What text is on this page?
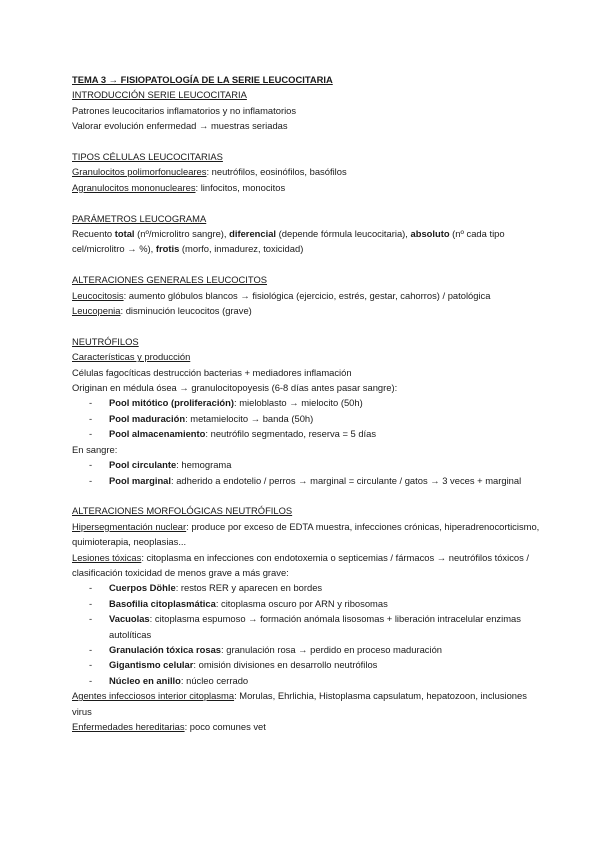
TEMA 3 → FISIOPATOLOGÍA DE LA SERIE LEUCOCITARIA
INTRODUCCIÓN SERIE LEUCOCITARIA
Patrones leucocitarios inflamatorios y no inflamatorios
Valorar evolución enfermedad → muestras seriadas
TIPOS CÉLULAS LEUCOCITARIAS
Granulocitos polimorfonucleares: neutrófilos, eosinófilos, basófilos
Agranulocitos mononucleares: linfocitos, monocitos
PARÁMETROS LEUCOGRAMA
Recuento total (nº/microlitro sangre), diferencial (depende fórmula leucocitaria), absoluto (nº cada tipo cel/microlitro → %), frotis (morfo, inmadurez, toxicidad)
ALTERACIONES GENERALES LEUCOCITOS
Leucocitosis: aumento glóbulos blancos → fisiológica (ejercicio, estrés, gestar, cahorros) / patológica
Leucopenia: disminución leucocitos (grave)
NEUTRÓFILOS
Características y producción
Células fagocíticas destrucción bacterias + mediadores inflamación
Originan en médula ósea → granulocitopoyesis (6-8 días antes pasar sangre):
- Pool mitótico (proliferación): mieloblasto → mielocito (50h)
- Pool maduración: metamielocito → banda (50h)
- Pool almacenamiento: neutrófilo segmentado, reserva = 5 días
En sangre:
- Pool circulante: hemograma
- Pool marginal: adherido a endotelio / perros → marginal = circulante / gatos → 3 veces + marginal
ALTERACIONES MORFOLÓGICAS NEUTRÓFILOS
Hipersegmentación nuclear: produce por exceso de EDTA muestra, infecciones crónicas, hiperadrenocorticismo, quimioterapia, neoplasias...
Lesiones tóxicas: citoplasma en infecciones con endotoxemia o septicemias / fármacos → neutrófilos tóxicos / clasificación toxicidad de menos grave a más grave:
- Cuerpos Döhle: restos RER y aparecen en bordes
- Basofilia citoplasmática: citoplasma oscuro por ARN y ribosomas
- Vacuolas: citoplasma espumoso → formación anómala lisosomas + liberación intracelular enzimas autolíticas
- Granulación tóxica rosas: granulación rosa → perdido en proceso maduración
- Gigantismo celular: omisión divisiones en desarrollo neutrófilos
- Núcleo en anillo: núcleo cerrado
Agentes infecciosos interior citoplasma: Morulas, Ehrlichia, Histoplasma capsulatum, hepatozoon, inclusiones virus
Enfermedades hereditarias: poco comunes vet
